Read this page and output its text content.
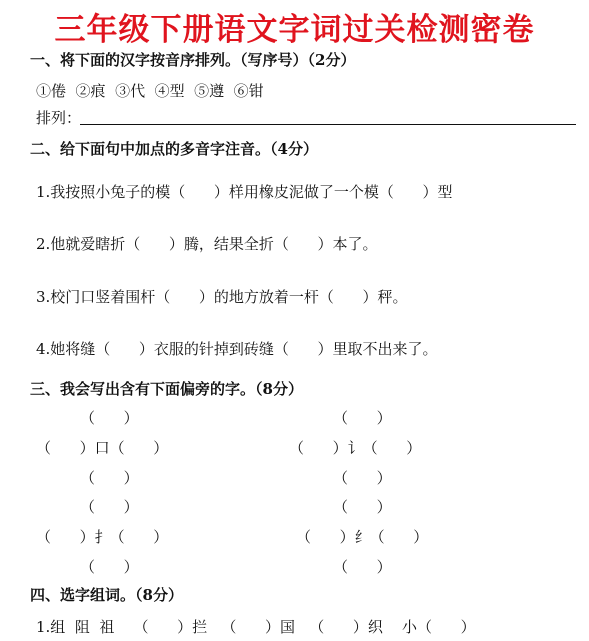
三年级下册语文字词过关检测密卷
一、将下面的汉字按音序排列。（写序号）（2分）
①倦  ②痕  ③代  ④型  ⑤遵  ⑥钳
排列：
二、给下面句中加点的多音字注音。（4分）
1.我按照小兔子的模（      ）样用橡皮泥做了一个模（      ）型
2.他就爱瞎折（      ）腾，结果全折（      ）本了。
3.校门口竖着围杆（      ）的地方放着一杆（      ）秤。
4.她将缝（      ）衣服的针掉到砖缝（      ）里取不出来了。
三、我会写出含有下面偏旁的字。（8分）
（      ）
（      ）口（      ）
（      ）
（      ）
（      ）扌（      ）
（      ）
（      ）
（      ）讠（      ）
（      ）
（      ）
（      ）纟（      ）
（      ）
四、选字组词。（8分）
1.组  阻  祖    （      ）拦   （      ）国   （      ）织    小（      ）
